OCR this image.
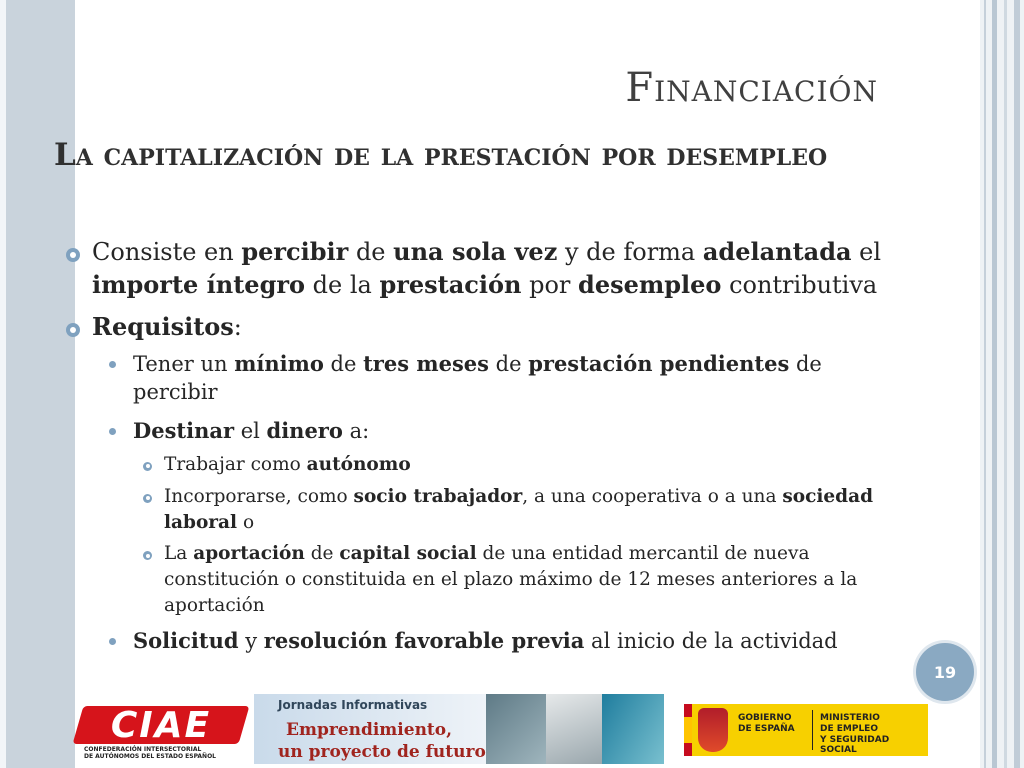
Financiación
La capitalización de la prestación por desempleo
Consiste en percibir de una sola vez y de forma adelantada el importe íntegro de la prestación por desempleo contributiva
Requisitos:
Tener un mínimo de tres meses de prestación pendientes de percibir
Destinar el dinero a:
Trabajar como autónomo
Incorporarse, como socio trabajador, a una cooperativa o a una sociedad laboral o
La aportación de capital social de una entidad mercantil de nueva constitución o constituida en el plazo máximo de 12 meses anteriores a la aportación
Solicitud y resolución favorable previa al inicio de la actividad
19
CIAE
CONFEDERACIÓN INTERSECTORIAL
DE AUTÓNOMOS DEL ESTADO ESPAÑOL
Jornadas Informativas
Emprendimiento,
un proyecto de futuro
GOBIERNO
DE ESPAÑA
MINISTERIO
DE EMPLEO
Y SEGURIDAD SOCIAL
